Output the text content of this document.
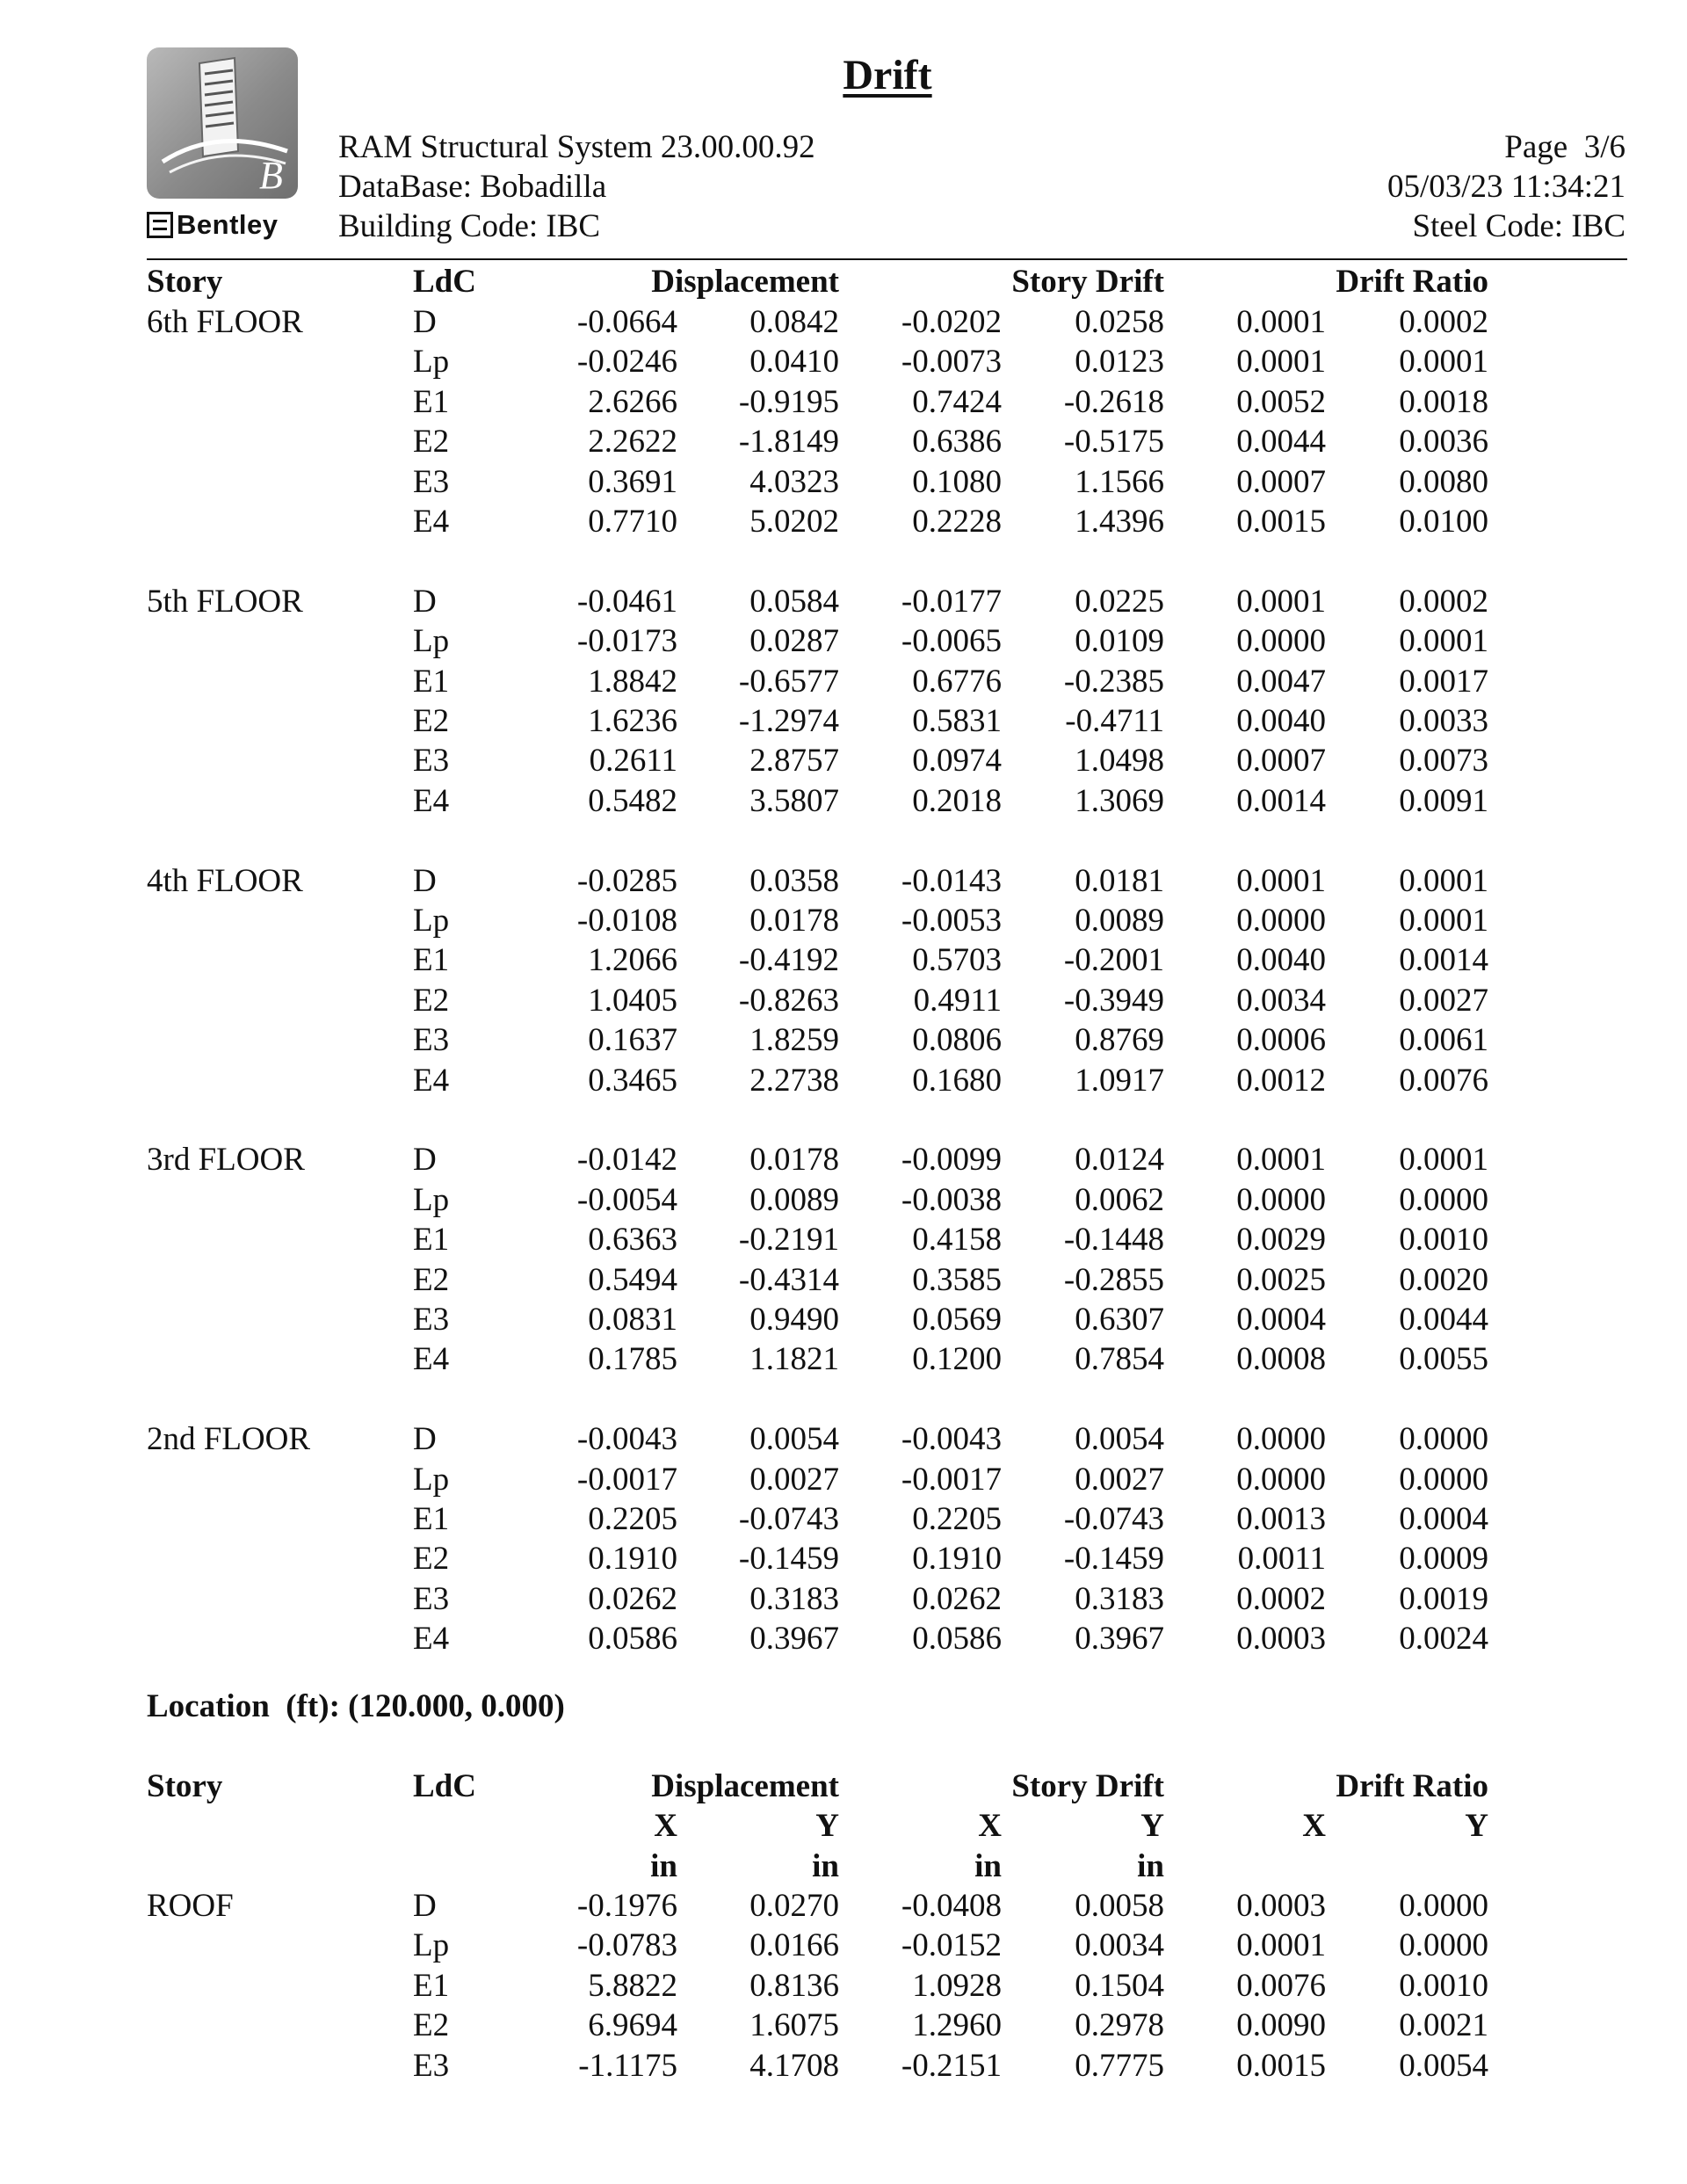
B
Bentley
Drift
RAM Structural System 23.00.00.92
DataBase: Bobadilla
Building Code: IBC
Page  3/6
05/03/23 11:34:21
Steel Code: IBC
Story	LdC	Displacement	Story Drift	Drift Ratio
6th FLOOR	D	-0.0664 0.0842 -0.0202 0.0258 0.0001 0.0002
Lp	-0.0246 0.0410 -0.0073 0.0123 0.0001 0.0001
E1	2.6266 -0.9195 0.7424 -0.2618 0.0052 0.0018
E2	2.2622 -1.8149 0.6386 -0.5175 0.0044 0.0036
E3	0.3691 4.0323 0.1080 1.1566 0.0007 0.0080
E4	0.7710 5.0202 0.2228 1.4396 0.0015 0.0100
5th FLOOR	D	-0.0461 0.0584 -0.0177 0.0225 0.0001 0.0002
Lp	-0.0173 0.0287 -0.0065 0.0109 0.0000 0.0001
E1	1.8842 -0.6577 0.6776 -0.2385 0.0047 0.0017
E2	1.6236 -1.2974 0.5831 -0.4711 0.0040 0.0033
E3	0.2611 2.8757 0.0974 1.0498 0.0007 0.0073
E4	0.5482 3.5807 0.2018 1.3069 0.0014 0.0091
4th FLOOR	D	-0.0285 0.0358 -0.0143 0.0181 0.0001 0.0001
Lp	-0.0108 0.0178 -0.0053 0.0089 0.0000 0.0001
E1	1.2066 -0.4192 0.5703 -0.2001 0.0040 0.0014
E2	1.0405 -0.8263 0.4911 -0.3949 0.0034 0.0027
E3	0.1637 1.8259 0.0806 0.8769 0.0006 0.0061
E4	0.3465 2.2738 0.1680 1.0917 0.0012 0.0076
3rd FLOOR	D	-0.0142 0.0178 -0.0099 0.0124 0.0001 0.0001
Lp	-0.0054 0.0089 -0.0038 0.0062 0.0000 0.0000
E1	0.6363 -0.2191 0.4158 -0.1448 0.0029 0.0010
E2	0.5494 -0.4314 0.3585 -0.2855 0.0025 0.0020
E3	0.0831 0.9490 0.0569 0.6307 0.0004 0.0044
E4	0.1785 1.1821 0.1200 0.7854 0.0008 0.0055
2nd FLOOR	D	-0.0043 0.0054 -0.0043 0.0054 0.0000 0.0000
Lp	-0.0017 0.0027 -0.0017 0.0027 0.0000 0.0000
E1	0.2205 -0.0743 0.2205 -0.0743 0.0013 0.0004
E2	0.1910 -0.1459 0.1910 -0.1459 0.0011 0.0009
E3	0.0262 0.3183 0.0262 0.3183 0.0002 0.0019
E4	0.0586 0.3967 0.0586 0.3967 0.0003 0.0024
Location  (ft): (120.000, 0.000)
Story	LdC	Displacement	Story Drift	Drift Ratio
X	Y	X	Y	X	Y
in	in	in	in
ROOF	D	-0.1976 0.0270 -0.0408 0.0058 0.0003 0.0000
Lp	-0.0783 0.0166 -0.0152 0.0034 0.0001 0.0000
E1	5.8822 0.8136 1.0928 0.1504 0.0076 0.0010
E2	6.9694 1.6075 1.2960 0.2978 0.0090 0.0021
E3	-1.1175 4.1708 -0.2151 0.7775 0.0015 0.0054
